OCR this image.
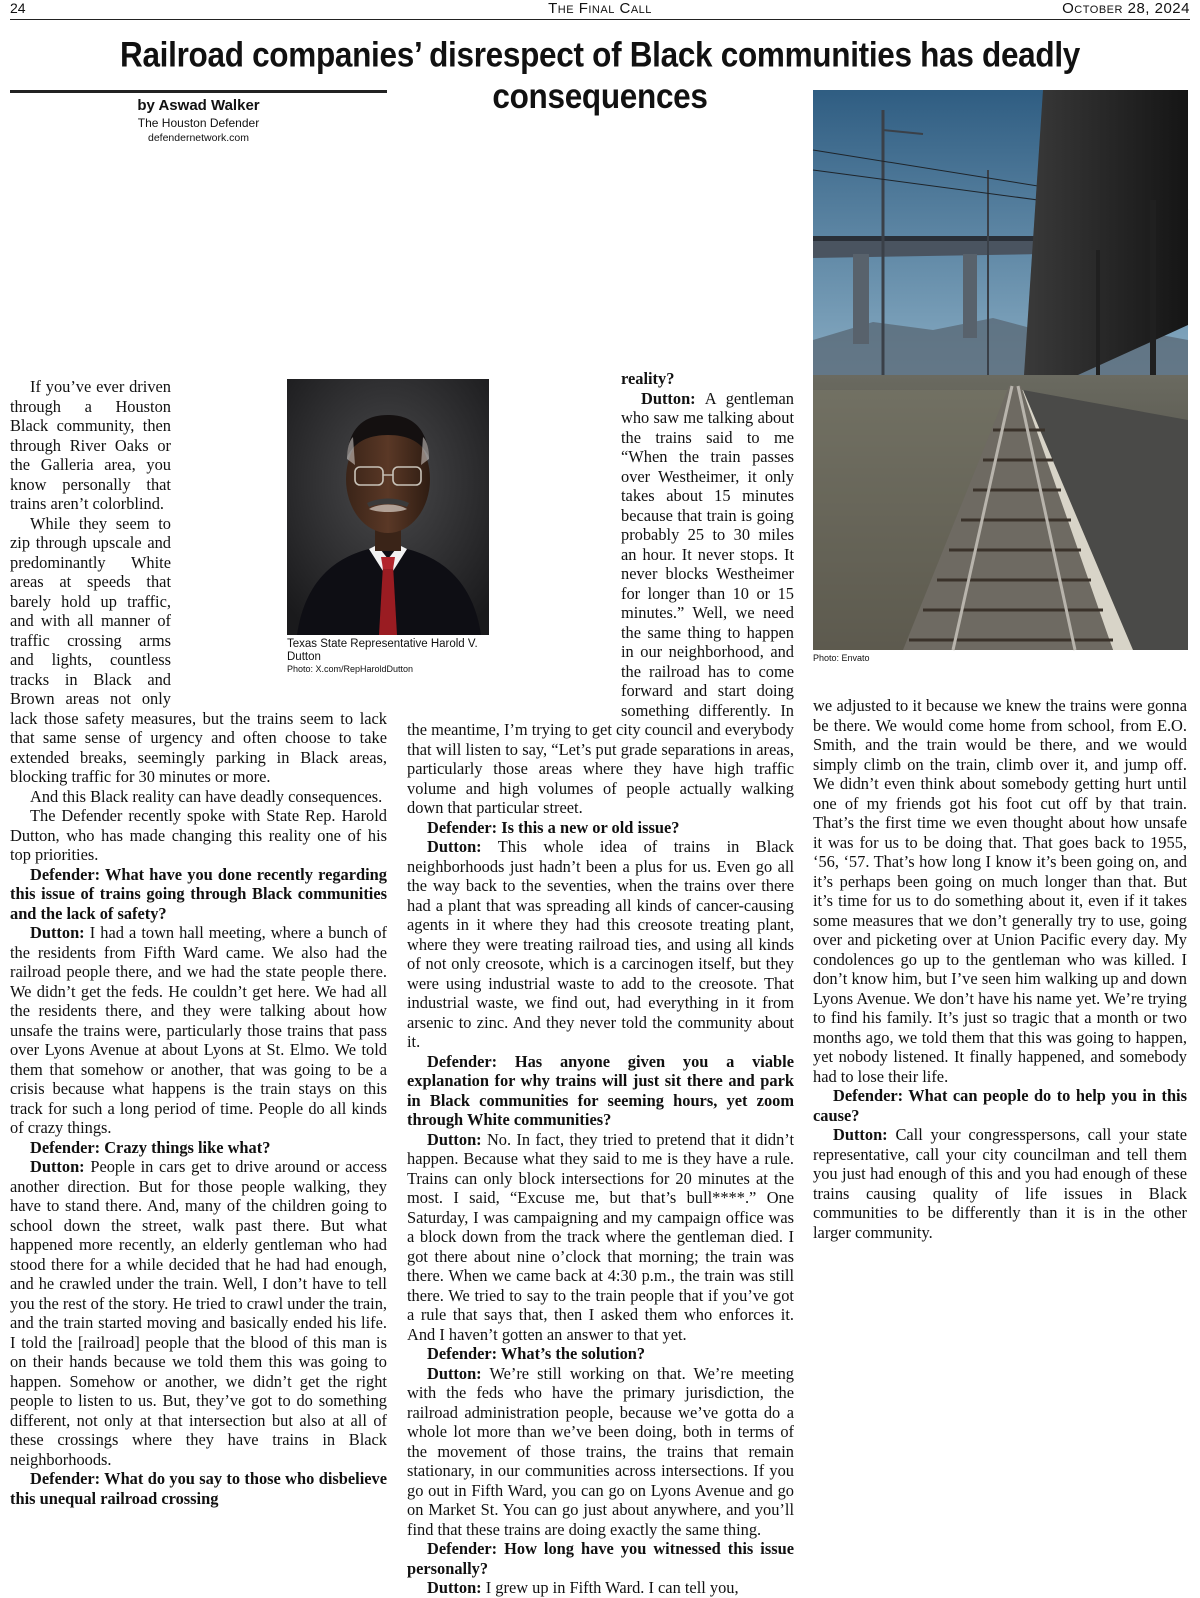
24	The Final Call	October 28, 2024
Railroad companies’ disrespect of Black communities has deadly consequences
by Aswad Walker
The Houston Defender
defendernetwork.com

If you’ve ever driven through a Houston Black community, then through River Oaks or the Galleria area, you know personally that trains aren’t colorblind.

While they seem to zip through upscale and predominantly White areas at speeds that barely hold up traffic, and with all manner of traffic crossing arms and lights, countless tracks in Black and Brown areas not only lack those safety measures, but the trains seem to lack that same sense of urgency and often choose to take extended breaks, seemingly parking in Black areas, blocking traffic for 30 minutes or more.

And this Black reality can have deadly consequences.

The Defender recently spoke with State Rep. Harold Dutton, who has made changing this reality one of his top priorities.

Defender: What have you done recently regarding this issue of trains going through Black communities and the lack of safety?

Dutton: I had a town hall meeting, where a bunch of the residents from Fifth Ward came. We also had the railroad people there, and we had the state people there. We didn’t get the feds. He couldn’t get here. We had all the residents there, and they were talking about how unsafe the trains were, particularly those trains that pass over Lyons Avenue at about Lyons at St. Elmo. We told them that somehow or another, that was going to be a crisis because what happens is the train stays on this track for such a long period of time. People do all kinds of crazy things.

Defender: Crazy things like what?

Dutton: People in cars get to drive around or access another direction. But for those people walking, they have to stand there. And, many of the children going to school down the street, walk past there. But what happened more recently, an elderly gentleman who had stood there for a while decided that he had had enough, and he crawled under the train. Well, I don’t have to tell you the rest of the story. He tried to crawl under the train, and the train started moving and basically ended his life. I told the [railroad] people that the blood of this man is on their hands because we told them this was going to happen. Somehow or another, we didn’t get the right people to listen to us. But, they’ve got to do something different, not only at that intersection but also at all of these crossings where they have trains in Black neighborhoods.

Defender: What do you say to those who disbelieve this unequal railroad crossing

reality?

Dutton: A gentleman who saw me talking about the trains said to me “When the train passes over Westheimer, it only takes about 15 minutes because that train is going probably 25 to 30 miles an hour. It never stops. It never blocks Westheimer for longer than 10 or 15 minutes.” Well, we need the same thing to happen in our neighborhood, and the railroad has to come forward and start doing something differently. In the meantime, I’m trying to get city council and everybody that will listen to say, “Let’s put grade separations in areas, particularly those areas where they have high traffic volume and high volumes of people actually walking down that particular street.

Defender: Is this a new or old issue?

Dutton: This whole idea of trains in Black neighborhoods just hadn’t been a plus for us. Even go all the way back to the seventies, when the trains over there had a plant that was spreading all kinds of cancer-causing agents in it where they had this creosote treating plant, where they were treating railroad ties, and using all kinds of not only creosote, which is a carcinogen itself, but they were using industrial waste to add to the creosote. That industrial waste, we find out, had everything in it from arsenic to zinc. And they never told the community about it.

Defender: Has anyone given you a viable explanation for why trains will just sit there and park in Black communities for seeming hours, yet zoom through White communities?

Dutton: No. In fact, they tried to pretend that it didn’t happen. Because what they said to me is they have a rule. Trains can only block intersections for 20 minutes at the most. I said, “Excuse me, but that’s bull****.” One Saturday, I was campaigning and my campaign office was a block down from the track where the gentleman died. I got there about nine o’clock that morning; the train was there. When we came back at 4:30 p.m., the train was still there. We tried to say to the train people that if you’ve got a rule that says that, then I asked them who enforces it. And I haven’t gotten an answer to that yet.

Defender: What’s the solution?

Dutton: We’re still working on that. We’re meeting with the feds who have the primary jurisdiction, the railroad administration people, because we’ve gotta do a whole lot more than we’ve been doing, both in terms of the movement of those trains, the trains that remain stationary, in our communities across intersections. If you go out in Fifth Ward, you can go on Lyons Avenue and go on Market St. You can go just about anywhere, and you’ll find that these trains are doing exactly the same thing.

Defender: How long have you witnessed this issue personally?

Dutton: I grew up in Fifth Ward. I can tell you,

we adjusted to it because we knew the trains were gonna be there. We would come home from school, from E.O. Smith, and the train would be there, and we would simply climb on the train, climb over it, and jump off. We didn’t even think about somebody getting hurt until one of my friends got his foot cut off by that train. That’s the first time we even thought about how unsafe it was for us to be doing that. That goes back to 1955, ‘56, ‘57. That’s how long I know it’s been going on, and it’s perhaps been going on much longer than that. But it’s time for us to do something about it, even if it takes some measures that we don’t generally try to use, going over and picketing over at Union Pacific every day. My condolences go up to the gentleman who was killed. I don’t know him, but I’ve seen him walking up and down Lyons Avenue. We don’t have his name yet. We’re trying to find his family. It’s just so tragic that a month or two months ago, we told them that this was going to happen, yet nobody listened. It finally happened, and somebody had to lose their life.

Defender: What can people do to help you in this cause?

Dutton: Call your congresspersons, call your state representative, call your city councilman and tell them you just had enough of this and you had enough of these trains causing quality of life issues in Black communities to be differently than it is in the other larger community.

Texas State Representative Harold V. Dutton
Photo: X.com/RepHaroldDutton
Photo: Envato
